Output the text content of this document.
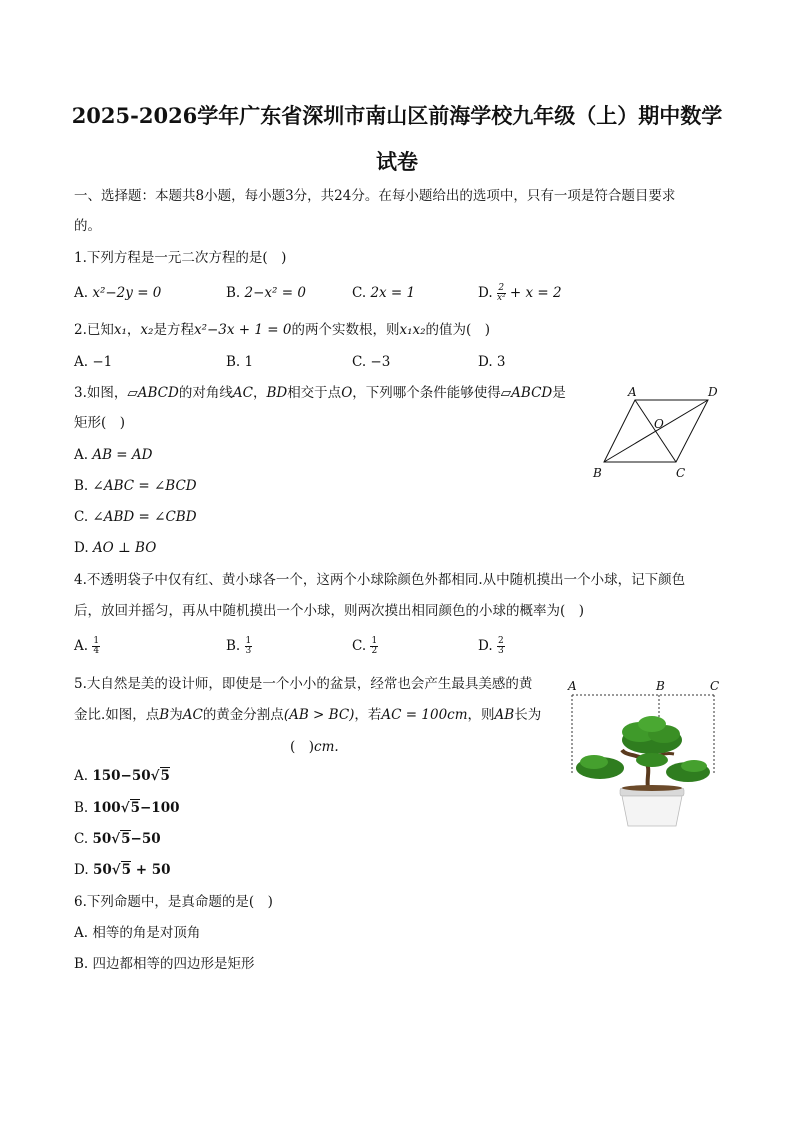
2025-2026学年广东省深圳市南山区前海学校九年级（上）期中数学
试卷
一、选择题：本题共8小题，每小题3分，共24分。在每小题给出的选项中，只有一项是符合题目要求
的。
1.下列方程是一元二次方程的是(　)
A. x²−2y = 0	B. 2−x² = 0	C. 2x = 1	D. $\frac{2}{\text{x²}} + x = 2$
2.已知x₁，x₂是方程x²−3x + 1 = 0的两个实数根，则x₁x₂的值为(　)
A. −1	B. 1	C. −3	D. 3
3.如图，▱ABCD的对角线AC，BD相交于点O，下列哪个条件能够使得▱ABCD是
矩形(　)
A. AB = AD
B. ∠ABC = ∠BCD
C. ∠ABD = ∠CBD
D. AO ⊥ BO
A	D
O
B	C
4.不透明袋子中仅有红、黄小球各一个，这两个小球除颜色外都相同.从中随机摸出一个小球，记下颜色
后，放回并摇匀，再从中随机摸出一个小球，则两次摸出相同颜色的小球的概率为(　)
A. $\frac{1}{4}$	B. $\frac{1}{3}$	C. $\frac{1}{2}$	D. $\frac{2}{3}$
5.大自然是美的设计师，即使是一个小小的盆景，经常也会产生最具美感的黄
金比.如图，点B为AC的黄金分割点(AB > BC)，若AC = 100cm，则AB长为
(　)cm.
A. 150−50√5
B. 100√5−100
C. 50√5−50
D. 50√5 + 50
A	B	C
6.下列命题中，是真命题的是(　)
A. 相等的角是对顶角
B. 四边都相等的四边形是矩形
